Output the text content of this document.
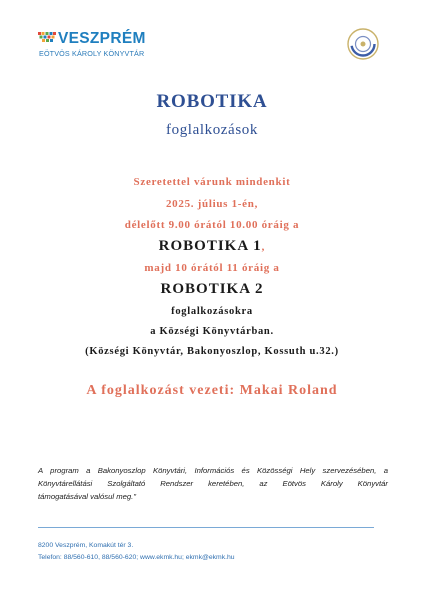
VESZPRÉM
EÖTVÖS KÁROLY KÖNYVTÁR
ROBOTIKA
foglalkozások
Szeretettel várunk mindenkit
2025. július 1-én,
délelőtt 9.00 órától 10.00 óráig a
ROBOTIKA 1,
majd 10 órától 11 óráig a
ROBOTIKA 2
foglalkozásokra
a Községi Könyvtárban.
(Községi Könyvtár, Bakonyoszlop, Kossuth u.32.)
A foglalkozást vezeti: Makai Roland
A program a Bakonyoszlop Könyvtári, Információs és Közösségi Hely szervezésében, a
Könyvtárellátási Szolgáltató Rendszer keretében, az Eötvös Károly Könyvtár
támogatásával valósul meg."
8200 Veszprém, Komakút tér 3.
Telefon: 88/560-610, 88/560-620; www.ekmk.hu; ekmk@ekmk.hu
